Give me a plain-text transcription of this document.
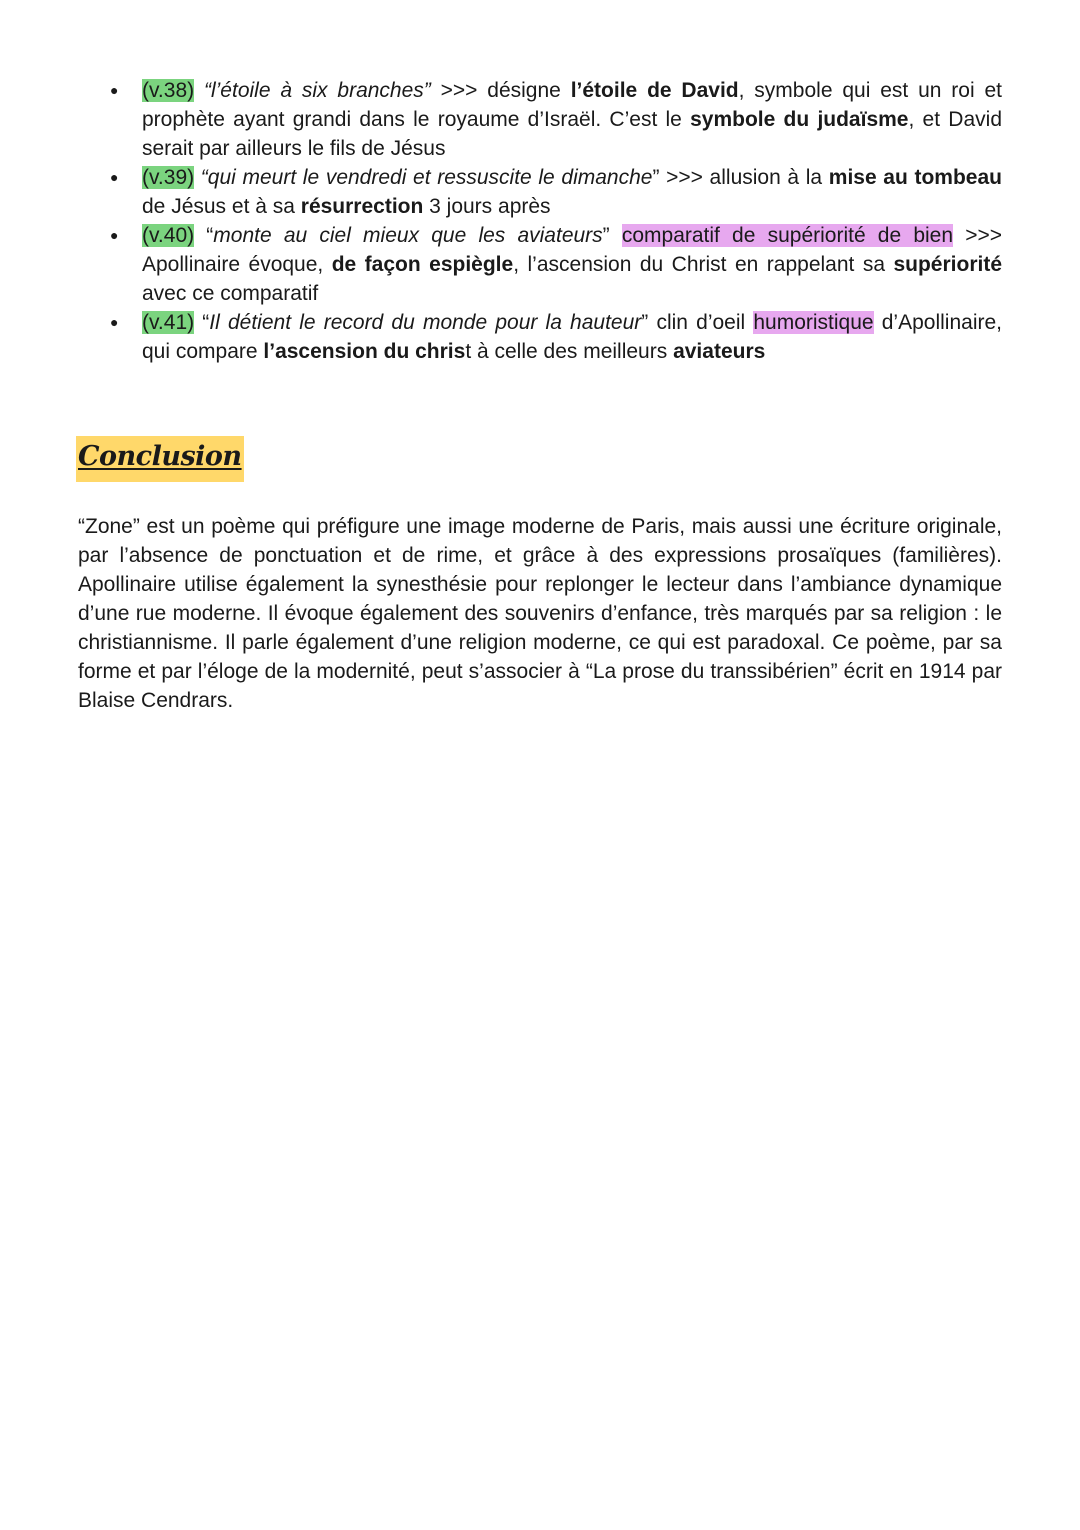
● (v.38) “l’étoile à six branches” >>> désigne l’étoile de David, symbole qui est un roi et prophète ayant grandi dans le royaume d’Israël. C’est le symbole du judaïsme, et David serait par ailleurs le fils de Jésus
● (v.39) “qui meurt le vendredi et ressuscite le dimanche” >>> allusion à la mise au tombeau de Jésus et à sa résurrection 3 jours après
● (v.40) “monte au ciel mieux que les aviateurs” comparatif de supériorité de bien >>> Apollinaire évoque, de façon espiègle, l’ascension du Christ en rappelant sa supériorité avec ce comparatif
● (v.41) “Il détient le record du monde pour la hauteur” clin d’oeil humoristique d’Apollinaire, qui compare l’ascension du christ à celle des meilleurs aviateurs
Conclusion

“Zone” est un poème qui préfigure une image moderne de Paris, mais aussi une écriture originale, par l’absence de ponctuation et de rime, et grâce à des expressions prosaïques (familières). Apollinaire utilise également la synesthésie pour replonger le lecteur dans l’ambiance dynamique d’une rue moderne. Il évoque également des souvenirs d’enfance, très marqués par sa religion : le christiannisme. Il parle également d’une religion moderne, ce qui est paradoxal. Ce poème, par sa forme et par l’éloge de la modernité, peut s’associer à “La prose du transsibérien” écrit en 1914 par Blaise Cendrars.
